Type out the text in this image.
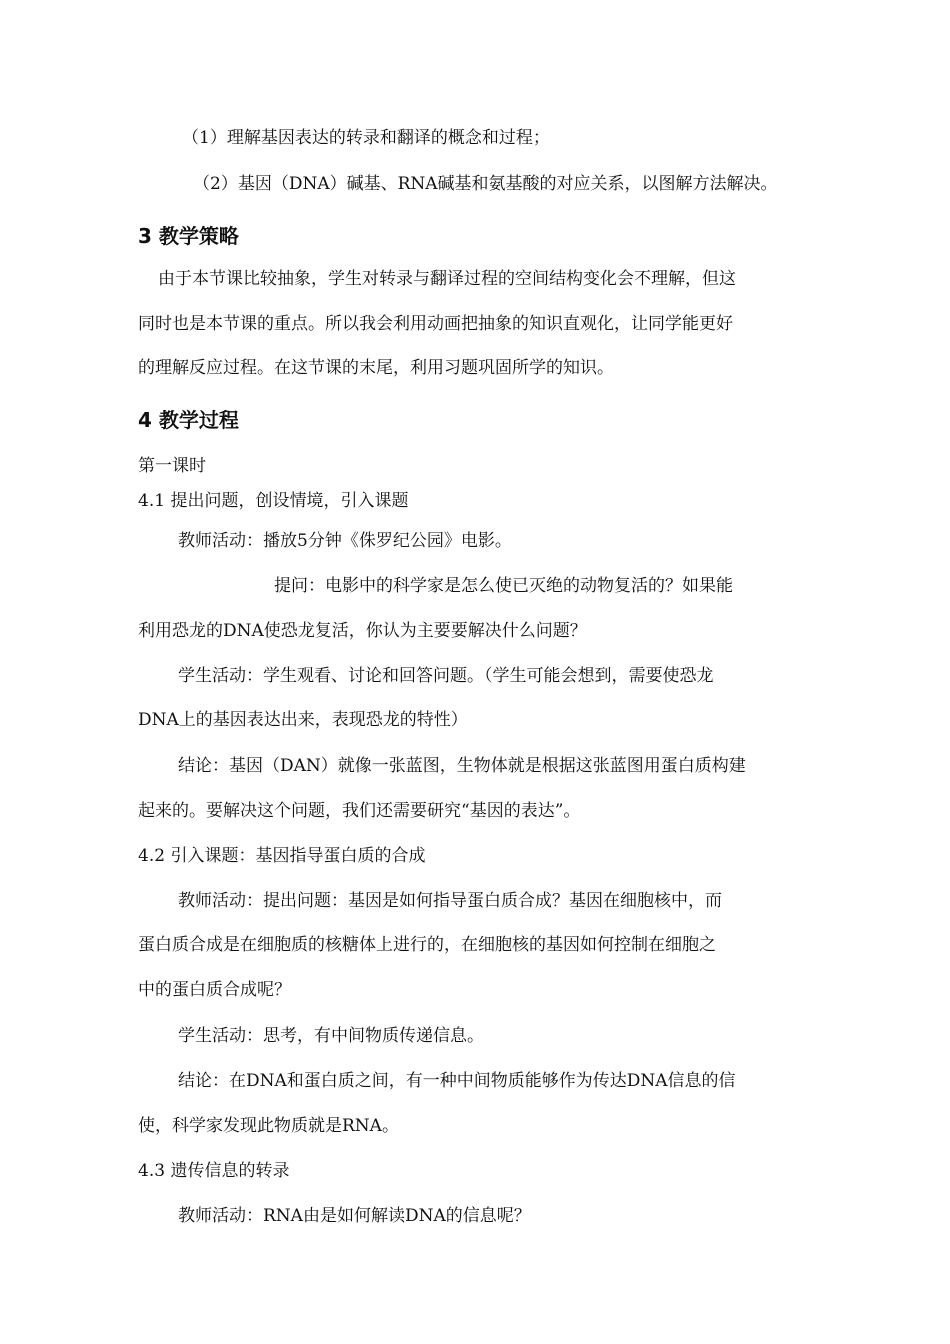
（1）理解基因表达的转录和翻译的概念和过程；
（2）基因（DNA）碱基、RNA碱基和氨基酸的对应关系，以图解方法解决。
3 教学策略
由于本节课比较抽象，学生对转录与翻译过程的空间结构变化会不理解，但这
同时也是本节课的重点。所以我会利用动画把抽象的知识直观化，让同学能更好
的理解反应过程。在这节课的末尾，利用习题巩固所学的知识。
4 教学过程
第一课时
4.1 提出问题，创设情境，引入课题
教师活动：播放5分钟《侏罗纪公园》电影。
提问：电影中的科学家是怎么使已灭绝的动物复活的？如果能
利用恐龙的DNA使恐龙复活，你认为主要要解决什么问题？
学生活动：学生观看、讨论和回答问题。（学生可能会想到，需要使恐龙
DNA上的基因表达出来，表现恐龙的特性）
结论：基因（DAN）就像一张蓝图，生物体就是根据这张蓝图用蛋白质构建
起来的。要解决这个问题，我们还需要研究“基因的表达”。
4.2 引入课题：基因指导蛋白质的合成
教师活动：提出问题：基因是如何指导蛋白质合成？基因在细胞核中，而
蛋白质合成是在细胞质的核糖体上进行的，在细胞核的基因如何控制在细胞之
中的蛋白质合成呢？
学生活动：思考，有中间物质传递信息。
结论：在DNA和蛋白质之间，有一种中间物质能够作为传达DNA信息的信
使，科学家发现此物质就是RNA。
4.3 遗传信息的转录
教师活动：RNA由是如何解读DNA的信息呢？
